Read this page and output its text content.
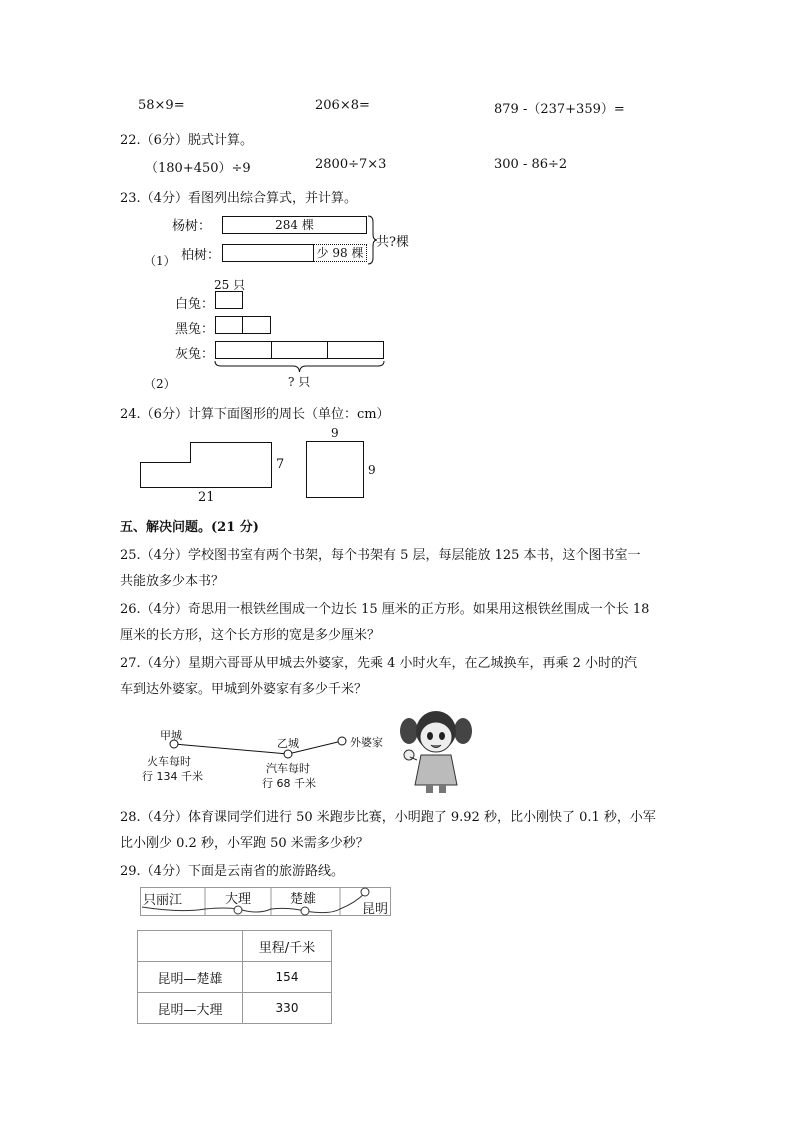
58×9=	206×8=	879 -（237+359）=
22.（6分）脱式计算。
（180+450）÷9	2800÷7×3	300 - 86÷2
23.（4分）看图列出综合算式，并计算。
杨树：	284 棵
柏树：	少 98 棵
共?棵
（1）
25 只
白兔：
黑兔：
灰兔：
? 只
（2）
24.（6分）计算下面图形的周长（单位：cm）
7
21
9
9
五、解决问题。(21 分)
25.（4分）学校图书室有两个书架，每个书架有 5 层，每层能放 125 本书，这个图书室一
共能放多少本书？
26.（4分）奇思用一根铁丝围成一个边长 15 厘米的正方形。如果用这根铁丝围成一个长 18
厘米的长方形，这个长方形的宽是多少厘米？
27.（4分）星期六哥哥从甲城去外婆家，先乘 4 小时火车，在乙城换车，再乘 2 小时的汽
车到达外婆家。甲城到外婆家有多少千米？
甲城
乙城	外婆家
火车每时
行 134 千米
汽车每时
行 68 千米
28.（4分）体育课同学们进行 50 米跑步比赛，小明跑了 9.92 秒，比小刚快了 0.1 秒，小军
比小刚少 0.2 秒，小军跑 50 米需多少秒？
29.（4分）下面是云南省的旅游路线。
只丽江	大理	楚雄
昆明
	里程/千米
昆明—楚雄	154
昆明—大理	330
